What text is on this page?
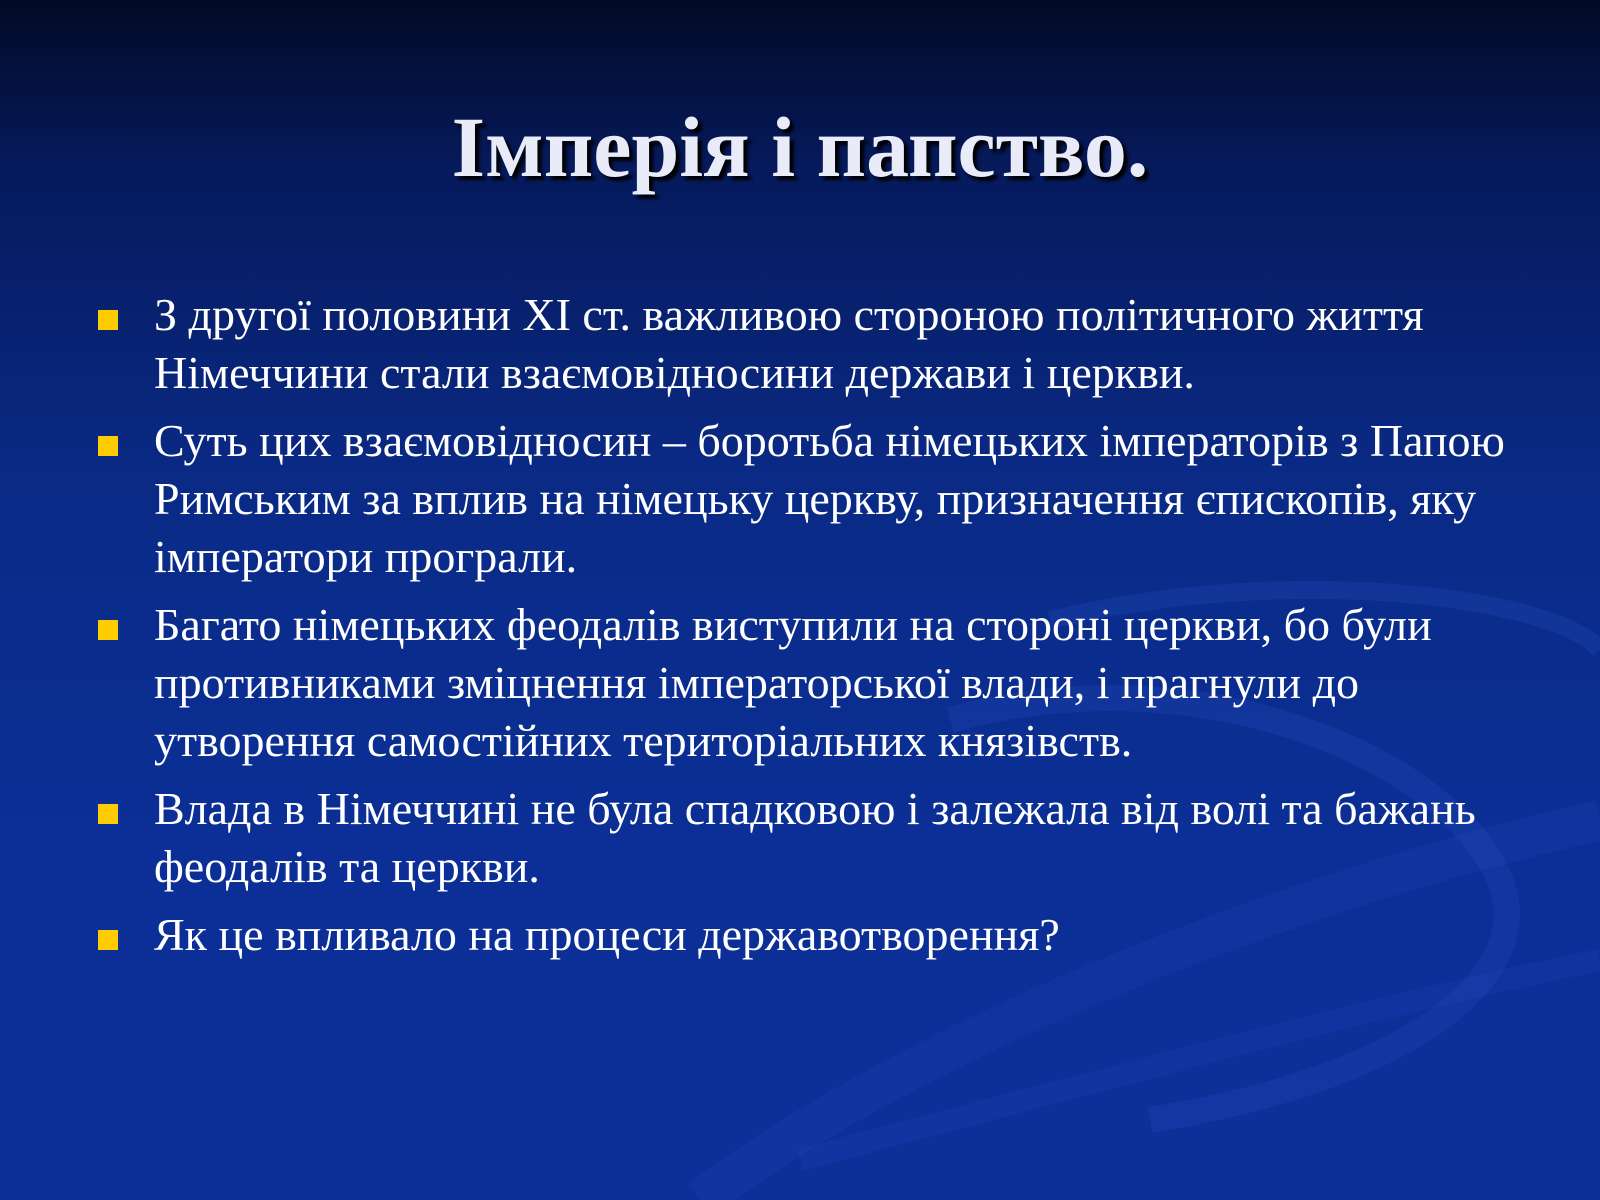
Імперія і папство.
З другої половини ХІ ст. важливою стороною політичного життя Німеччини стали взаємовідносини держави і церкви.
Суть цих взаємовідносин – боротьба німецьких імператорів з Папою Римським за вплив на німецьку церкву, призначення єпископів, яку імператори програли.
Багато німецьких феодалів виступили на стороні церкви, бо були противниками зміцнення імператорської влади, і прагнули до утворення самостійних територіальних князівств.
Влада в Німеччині не була спадковою і залежала від волі та бажань феодалів та церкви.
Як це впливало на процеси державотворення?
